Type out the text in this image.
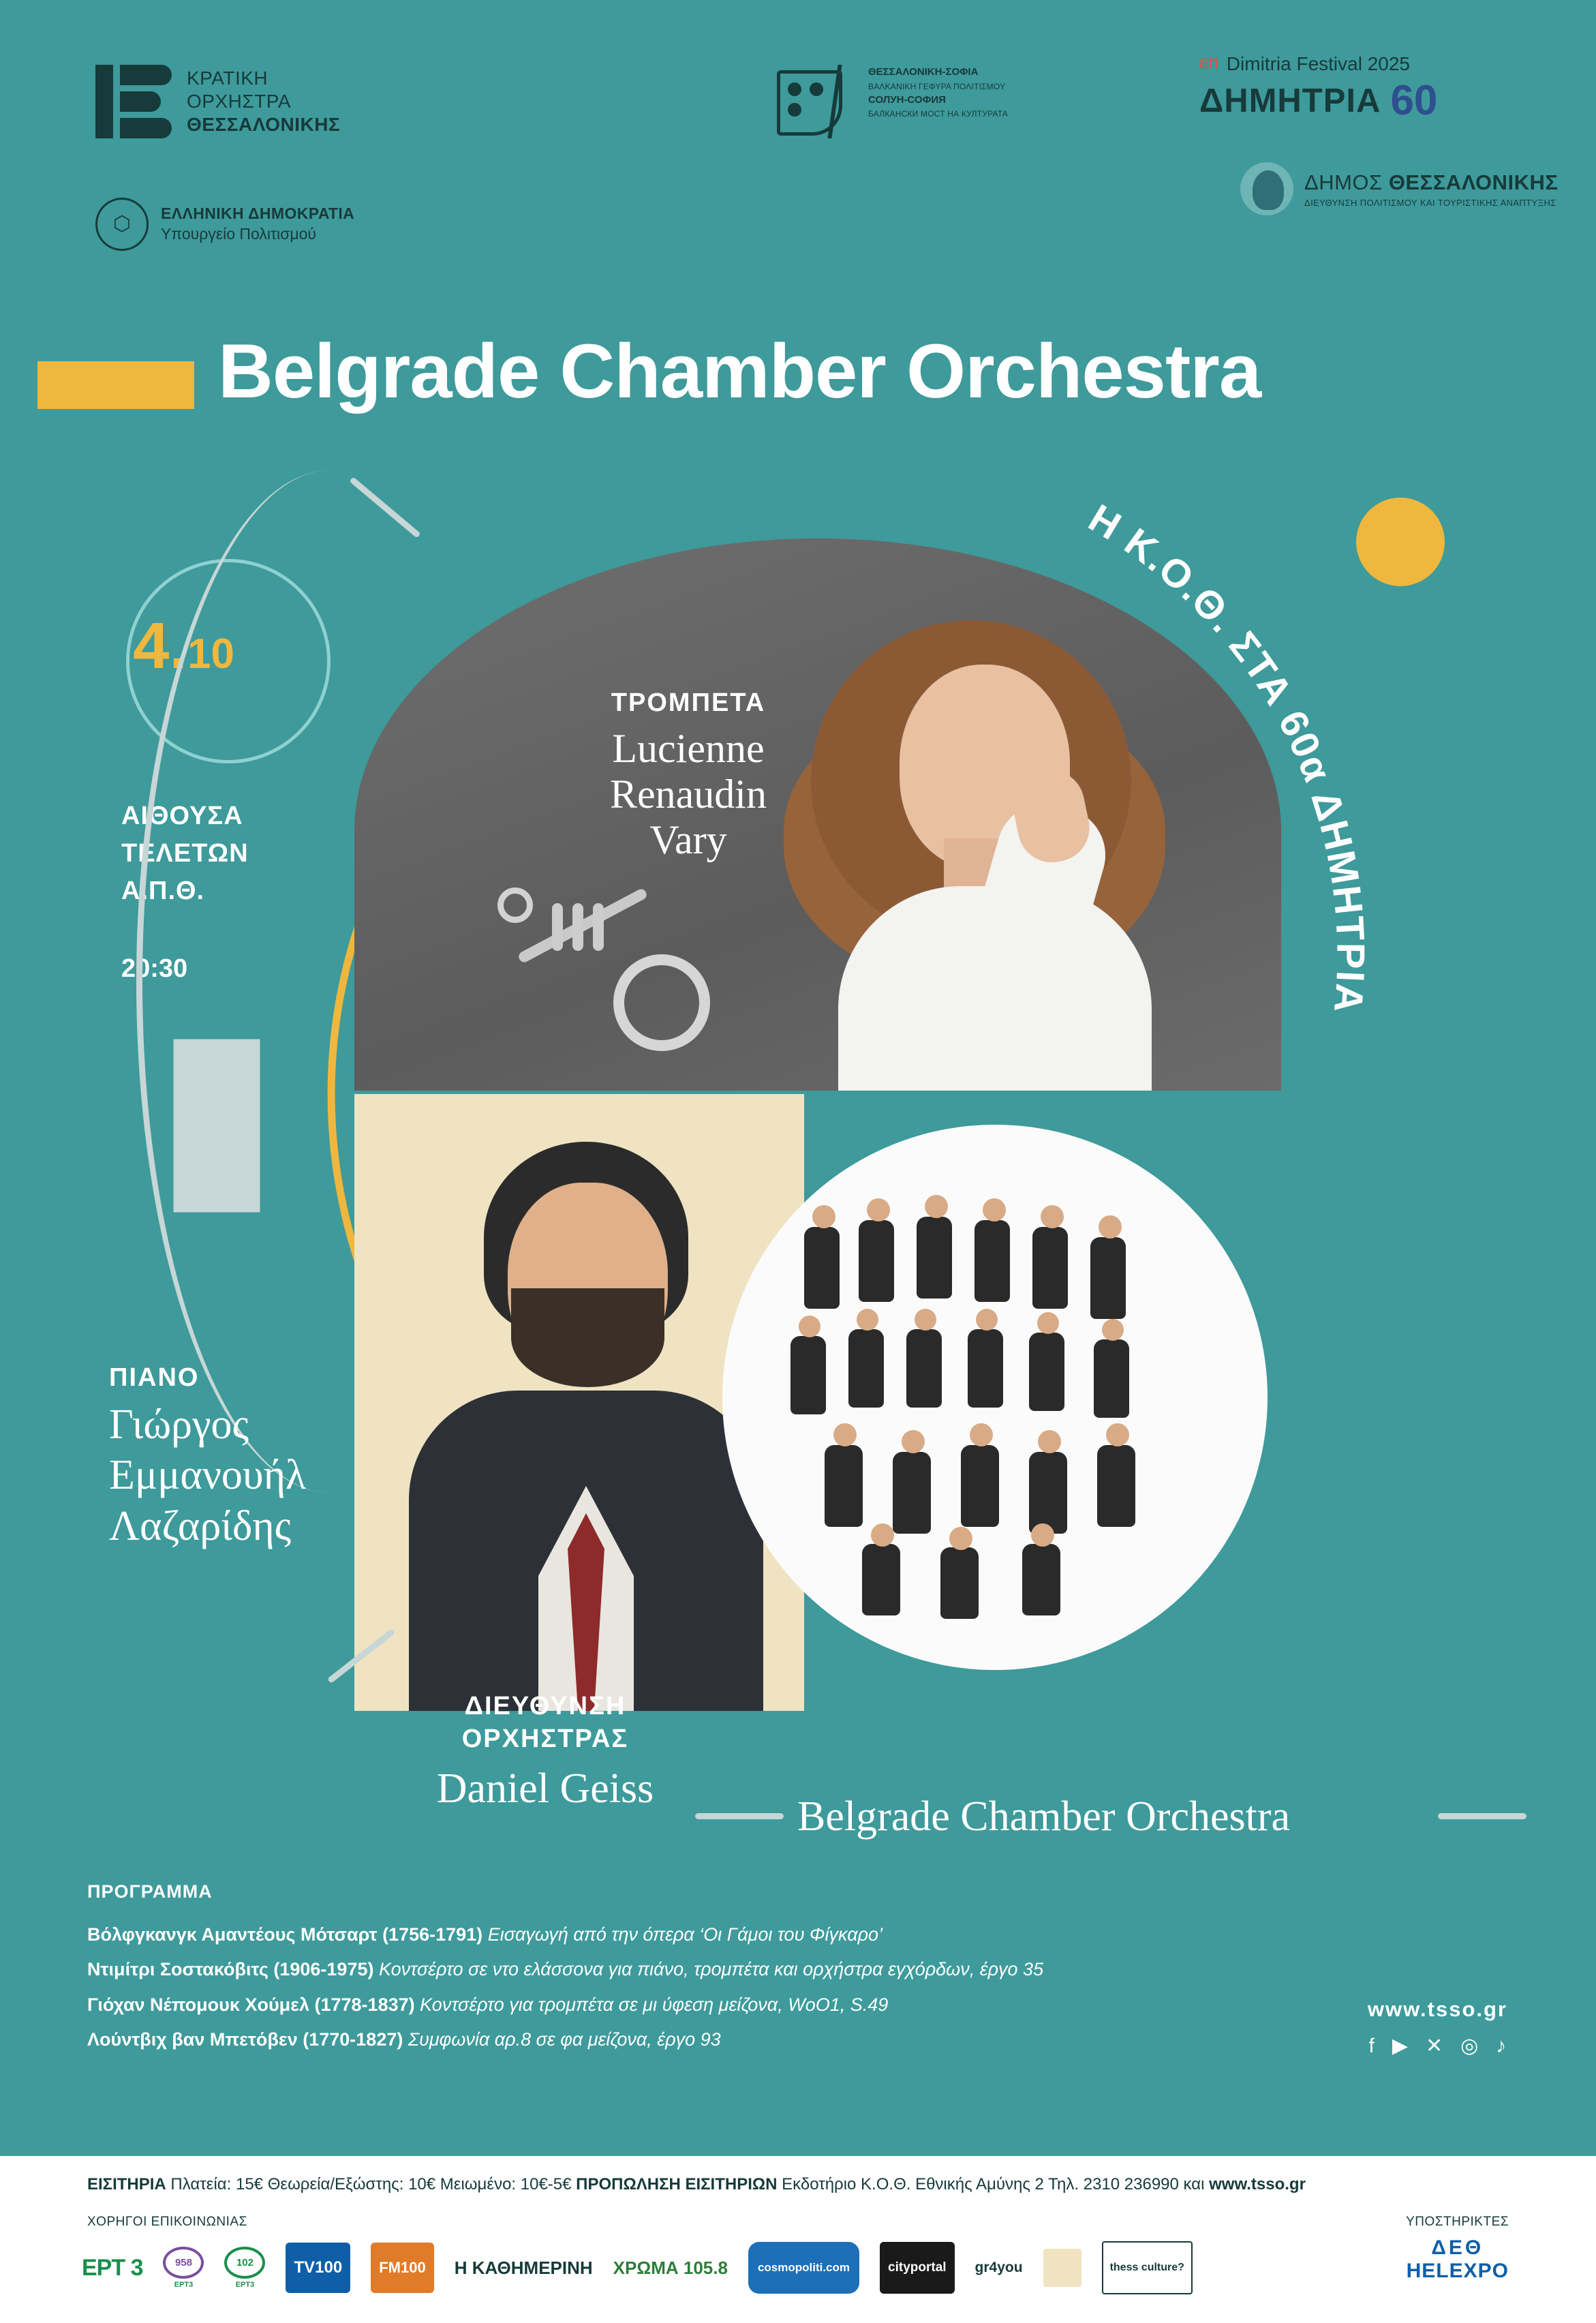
ΚΡΑΤΙΚΗ
ΟΡΧΗΣΤΡΑ
ΘΕΣΣΑΛΟΝΙΚΗΣ
⬡ ΕΛΛΗΝΙΚΗ ΔΗΜΟΚΡΑΤΙΑ
Υπουργείο Πολιτισμού
ΘΕΣΣΑΛΟΝΙΚΗ-ΣΟΦΙΑ
ΒΑΛΚΑΝΙΚΗ ΓΕΦΥΡΑ ΠΟΛΙΤΙΣΜΟΥ
СОЛУН-СОФИЯ
БАЛКАНСКИ МОСТ НА КУЛТУРАТА
ΕΠ Dimitria Festival 2025
ΔΗΜΗΤΡΙΑ 60
ΔΗΜΟΣ ΘΕΣΣΑΛΟΝΙΚΗΣ
ΔΙΕΥΘΥΝΣΗ ΠΟΛΙΤΙΣΜΟΥ ΚΑΙ ΤΟΥΡΙΣΤΙΚΗΣ ΑΝΑΠΤΥΞΗΣ
Belgrade Chamber Orchestra
4.10
ΑΙΘΟΥΣΑ
ΤΕΛΕΤΩΝ
Α.Π.Θ.
20:30
ΤΡΟΜΠΕΤΑ
Lucienne
Renaudin
Vary
ΠΙΑΝΟ
Γιώργος
Εμμανουήλ
Λαζαρίδης
ΔΙΕΥΘΥΝΣΗ
ΟΡΧΗΣΤΡΑΣ
Daniel Geiss
Belgrade Chamber Orchestra
Η Κ.Ο.Θ. ΣΤΑ 60α ΔΗΜΗΤΡΙΑ
ΠΡΟΓΡΑΜΜΑ
Βόλφγκανγκ Αμαντέους Μότσαρτ (1756-1791) Εισαγωγή από την όπερα ‘Οι Γάμοι του Φίγκαρο’
Ντιμίτρι Σοστακόβιτς (1906-1975) Κοντσέρτο σε ντο ελάσσονα για πιάνο, τρομπέτα και ορχήστρα εγχόρδων, έργο 35
Γιόχαν Νέπομουκ Χούμελ (1778-1837) Κοντσέρτο για τρομπέτα σε μι ύφεση μείζονα, WoO1, S.49
Λούντβιχ βαν Μπετόβεν (1770-1827) Συμφωνία αρ.8 σε φα μείζονα, έργο 93
www.tsso.gr
f ▶ ✕ ◎ ♪
ΕΙΣΙΤΗΡΙΑ Πλατεία: 15€ Θεωρεία/Εξώστης: 10€ Μειωμένο: 10€-5€ ΠΡΟΠΩΛΗΣΗ ΕΙΣΙΤΗΡΙΩΝ Εκδοτήριο Κ.Ο.Θ. Εθνικής Αμύνης 2 Τηλ. 2310 236990 και www.tsso.gr
ΧΟΡΗΓΟΙ ΕΠΙΚΟΙΝΩΝΙΑΣ	ΥΠΟΣΤΗΡΙΚΤΕΣ
ΕΡΤ 3	958
ΕΡΤ3
102
ΕΡΤ3
TV100	FM100	Η ΚΑΘΗΜΕΡΙΝΗ ΧΡΩΜΑ 105.8	cosmopoliti.com	cityportal	gr4you	thess culture?
ΔΕΘ
HELEXPO
